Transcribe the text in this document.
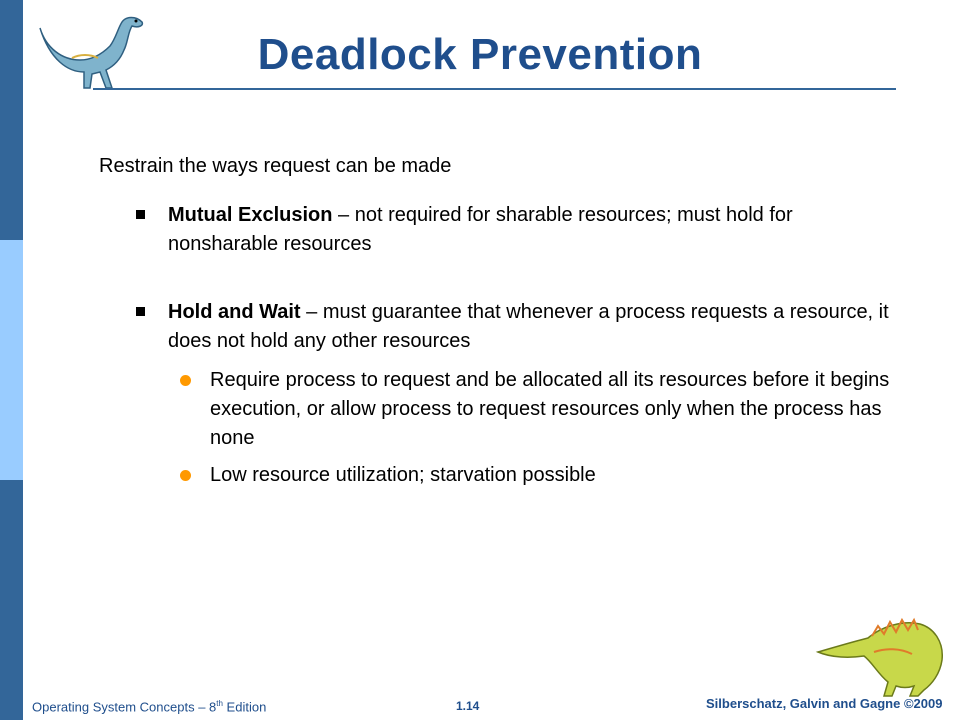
Deadlock Prevention
Restrain the ways request can be made
Mutual Exclusion – not required for sharable resources; must hold for nonsharable resources
Hold and Wait – must guarantee that whenever a process requests a resource, it does not hold any other resources
Require process to request and be allocated all its resources before it begins execution, or allow process to request resources only when the process has none
Low resource utilization; starvation possible
Operating System Concepts – 8th Edition	1.14	Silberschatz, Galvin and Gagne ©2009
